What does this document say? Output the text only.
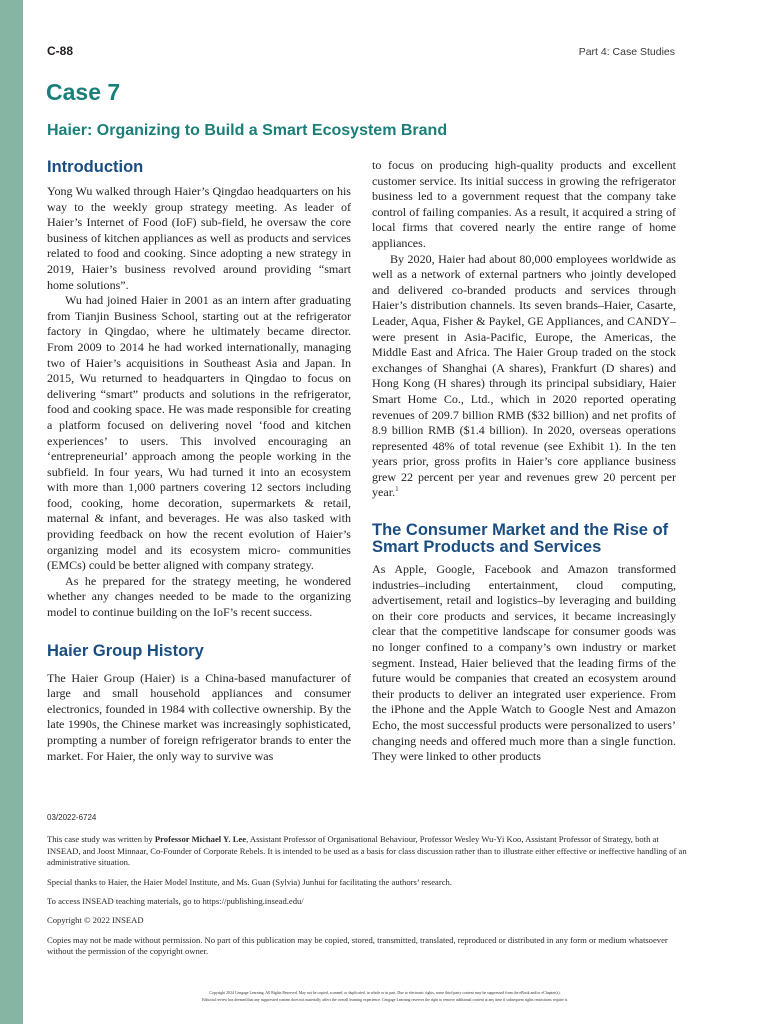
C-88	Part 4: Case Studies
Case 7
Haier: Organizing to Build a Smart Ecosystem Brand
Introduction

Yong Wu walked through Haier’s Qingdao headquarters on his way to the weekly group strategy meeting. As leader of Haier’s Internet of Food (IoF) sub-field, he oversaw the core business of kitchen appliances as well as products and services related to food and cooking. Since adopting a new strategy in 2019, Haier’s business revolved around providing “smart home solutions”.

Wu had joined Haier in 2001 as an intern after graduating from Tianjin Business School, starting out at the refrigerator factory in Qingdao, where he ultimately became director. From 2009 to 2014 he had worked internationally, managing two of Haier’s acquisitions in Southeast Asia and Japan. In 2015, Wu returned to headquarters in Qingdao to focus on delivering “smart” products and solutions in the refrigerator, food and cooking space. He was made responsible for creating a platform focused on delivering novel ‘food and kitchen experiences’ to users. This involved encouraging an ‘entrepreneurial’ approach among the people working in the subfield. In four years, Wu had turned it into an ecosystem with more than 1,000 partners covering 12 sectors including food, cooking, home decoration, supermarkets & retail, maternal & infant, and beverages. He was also tasked with providing feedback on how the recent evolution of Haier’s organizing model and its ecosystem micro- communities (EMCs) could be better aligned with company strategy.

As he prepared for the strategy meeting, he wondered whether any changes needed to be made to the organizing model to continue building on the IoF’s recent success.

Haier Group History

The Haier Group (Haier) is a China-based manufacturer of large and small household appliances and consumer electronics, founded in 1984 with collective ownership. By the late 1990s, the Chinese market was increasingly sophisticated, prompting a number of foreign refrigerator brands to enter the market. For Haier, the only way to survive was

to focus on producing high-quality products and excellent customer service. Its initial success in growing the refrigerator business led to a government request that the company take control of failing companies. As a result, it acquired a string of local firms that covered nearly the entire range of home appliances.

By 2020, Haier had about 80,000 employees worldwide as well as a network of external partners who jointly developed and delivered co-branded products and services through Haier’s distribution channels. Its seven brands–Haier, Casarte, Leader, Aqua, Fisher & Paykel, GE Appliances, and CANDY–were present in Asia-Pacific, Europe, the Americas, the Middle East and Africa. The Haier Group traded on the stock exchanges of Shanghai (A shares), Frankfurt (D shares) and Hong Kong (H shares) through its principal subsidiary, Haier Smart Home Co., Ltd., which in 2020 reported operating revenues of 209.7 billion RMB ($32 billion) and net profits of 8.9 billion RMB ($1.4 billion). In 2020, overseas operations represented 48% of total revenue (see Exhibit 1). In the ten years prior, gross profits in Haier’s core appliance business grew 22 percent per year and revenues grew 20 percent per year.$^1$

The Consumer Market and the Rise of Smart Products and Services

As Apple, Google, Facebook and Amazon transformed industries–including entertainment, cloud computing, advertisement, retail and logistics–by leveraging and building on their core products and services, it became increasingly clear that the competitive landscape for consumer goods was no longer confined to a company’s own industry or market segment. Instead, Haier believed that the leading firms of the future would be companies that created an ecosystem around their products to deliver an integrated user experience. From the iPhone and the Apple Watch to Google Nest and Amazon Echo, the most successful products were personalized to users’ changing needs and offered much more than a single function. They were linked to other products

03/2022-6724

This case study was written by Professor Michael Y. Lee, Assistant Professor of Organisational Behaviour, Professor Wesley Wu-Yi Koo, Assistant Professor of Strategy, both at INSEAD, and Joost Minnaar, Co-Founder of Corporate Rebels. It is intended to be used as a basis for class discussion rather than to illustrate either effective or ineffective handling of an administrative situation.

Special thanks to Haier, the Haier Model Institute, and Ms. Guan (Sylvia) Junhui for facilitating the authors’ research.

To access INSEAD teaching materials, go to https://publishing.insead.edu/

Copyright © 2022 INSEAD

Copies may not be made without permission. No part of this publication may be copied, stored, transmitted, translated, reproduced or distributed in any form or medium whatsoever without the permission of the copyright owner.

Copyright 2024 Cengage Learning. All Rights Reserved. May not be copied, scanned, or duplicated, in whole or in part. Due to electronic rights, some third party content may be suppressed from the eBook and/or eChapter(s).

Editorial review has deemed that any suppressed content does not materially affect the overall learning experience. Cengage Learning reserves the right to remove additional content at any time if subsequent rights restrictions require it.
